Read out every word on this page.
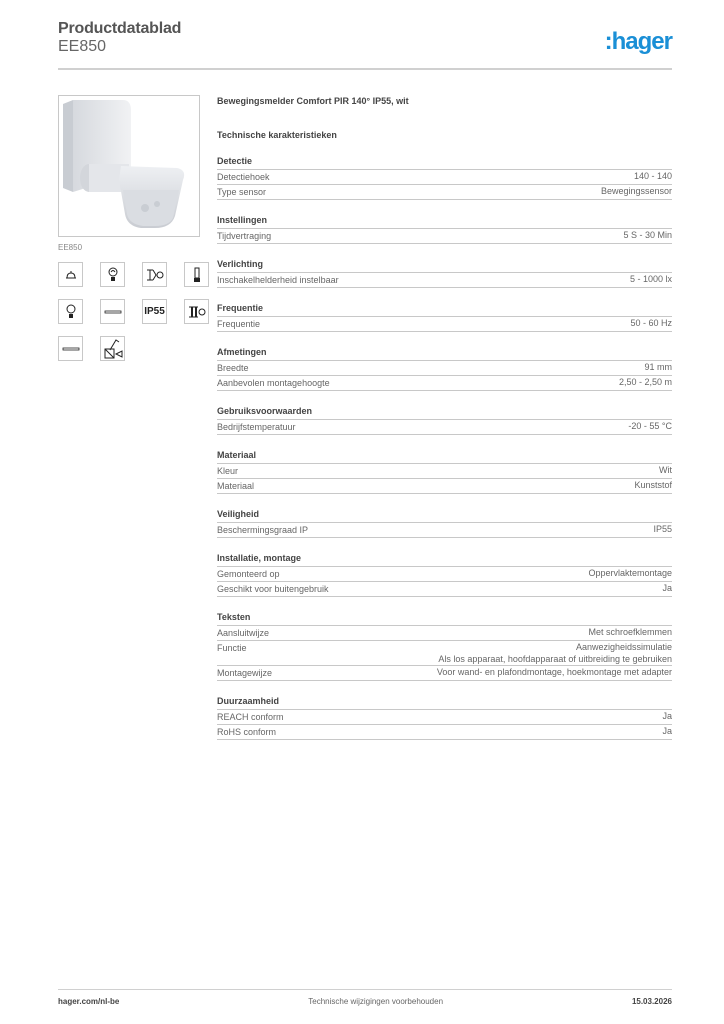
Productdatablad
EE850	:hager
EE850
IP55
Bewegingsmelder Comfort PIR 140° IP55, wit
Technische karakteristieken
Detectie
Detectiehoek	140 - 140
Type sensor	Bewegingssensor
Instellingen
Tijdvertraging	5 S - 30 Min
Verlichting
Inschakelhelderheid instelbaar	5 - 1000 lx
Frequentie
Frequentie	50 - 60 Hz
Afmetingen
Breedte	91 mm
Aanbevolen montagehoogte	2,50 - 2,50 m
Gebruiksvoorwaarden
Bedrijfstemperatuur	-20 - 55 °C
Materiaal
Kleur	Wit
Materiaal	Kunststof
Veiligheid
Beschermingsgraad IP	IP55
Installatie, montage
Gemonteerd op	Oppervlaktemontage
Geschikt voor buitengebruik	Ja
Teksten
Aansluitwijze	Met schroefklemmen
Functie	Aanwezigheidssimulatie
Als los apparaat, hoofdapparaat of uitbreiding te gebruiken
Montagewijze	Voor wand- en plafondmontage, hoekmontage met adapter
Duurzaamheid
REACH conform	Ja
RoHS conform	Ja
hager.com/nl-be	Technische wijzigingen voorbehouden	15.03.2026
